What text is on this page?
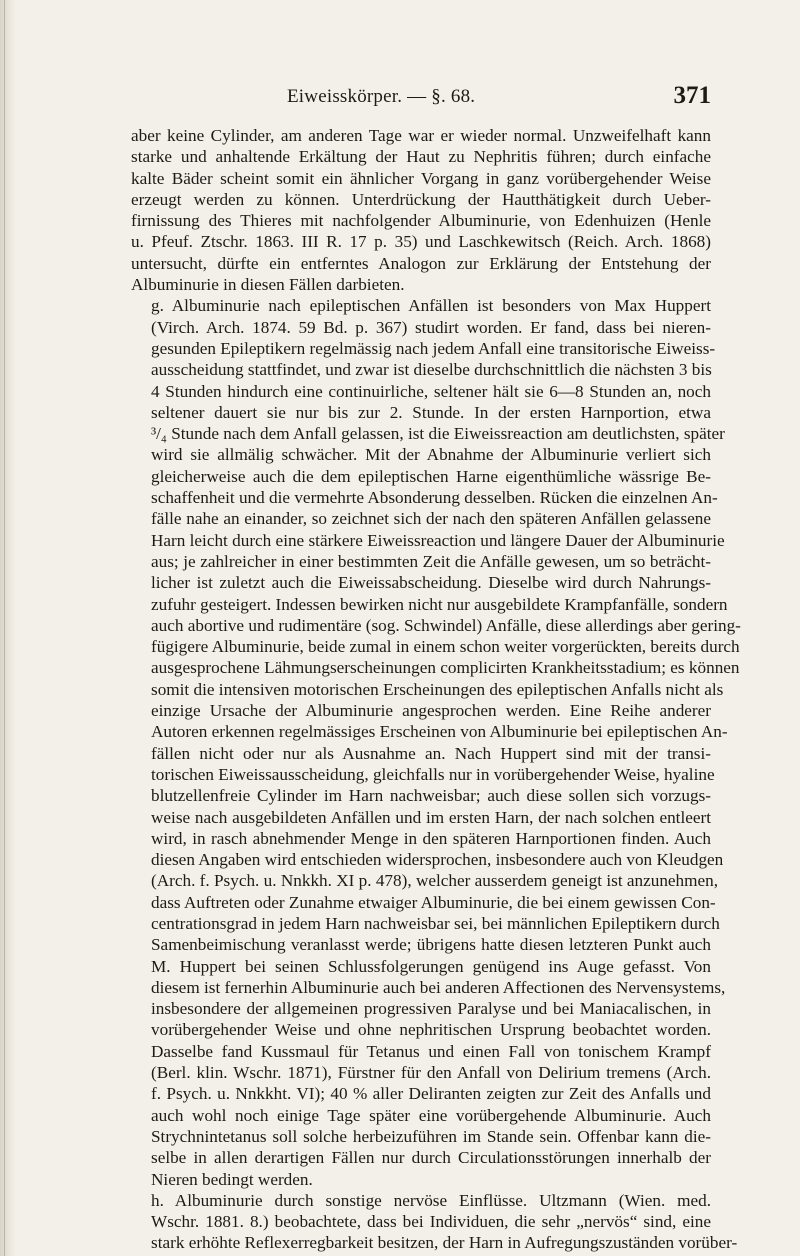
Eiweisskörper. — §. 68.	371
aber keine Cylinder, am anderen Tage war er wieder normal. Unzweifelhaft kann
starke und anhaltende Erkältung der Haut zu Nephritis führen; durch einfache
kalte Bäder scheint somit ein ähnlicher Vorgang in ganz vorübergehender Weise
erzeugt werden zu können. Unterdrückung der Hautthätigkeit durch Ueber-
firnissung des Thieres mit nachfolgender Albuminurie, von Edenhuizen (Henle
u. Pfeuf. Ztschr. 1863. III R. 17 p. 35) und Laschkewitsch (Reich. Arch. 1868)
untersucht, dürfte ein entferntes Analogon zur Erklärung der Entstehung der
Albuminurie in diesen Fällen darbieten.
g. Albuminurie nach epileptischen Anfällen ist besonders von Max Huppert
(Virch. Arch. 1874. 59 Bd. p. 367) studirt worden. Er fand, dass bei nieren-
gesunden Epileptikern regelmässig nach jedem Anfall eine transitorische Eiweiss-
ausscheidung stattfindet, und zwar ist dieselbe durchschnittlich die nächsten 3 bis
4 Stunden hindurch eine continuirliche, seltener hält sie 6—8 Stunden an, noch
seltener dauert sie nur bis zur 2. Stunde. In der ersten Harnportion, etwa
³/₄ Stunde nach dem Anfall gelassen, ist die Eiweissreaction am deutlichsten, später
wird sie allmälig schwächer. Mit der Abnahme der Albuminurie verliert sich
gleicherweise auch die dem epileptischen Harne eigenthümliche wässrige Be-
schaffenheit und die vermehrte Absonderung desselben. Rücken die einzelnen An-
fälle nahe an einander, so zeichnet sich der nach den späteren Anfällen gelassene
Harn leicht durch eine stärkere Eiweissreaction und längere Dauer der Albuminurie
aus; je zahlreicher in einer bestimmten Zeit die Anfälle gewesen, um so beträcht-
licher ist zuletzt auch die Eiweissabscheidung. Dieselbe wird durch Nahrungs-
zufuhr gesteigert. Indessen bewirken nicht nur ausgebildete Krampfanfälle, sondern
auch abortive und rudimentäre (sog. Schwindel) Anfälle, diese allerdings aber gering-
fügigere Albuminurie, beide zumal in einem schon weiter vorgerückten, bereits durch
ausgesprochene Lähmungserscheinungen complicirten Krankheitsstadium; es können
somit die intensiven motorischen Erscheinungen des epileptischen Anfalls nicht als
einzige Ursache der Albuminurie angesprochen werden. Eine Reihe anderer
Autoren erkennen regelmässiges Erscheinen von Albuminurie bei epileptischen An-
fällen nicht oder nur als Ausnahme an. Nach Huppert sind mit der transi-
torischen Eiweissausscheidung, gleichfalls nur in vorübergehender Weise, hyaline
blutzellenfreie Cylinder im Harn nachweisbar; auch diese sollen sich vorzugs-
weise nach ausgebildeten Anfällen und im ersten Harn, der nach solchen entleert
wird, in rasch abnehmender Menge in den späteren Harnportionen finden. Auch
diesen Angaben wird entschieden widersprochen, insbesondere auch von Kleudgen
(Arch. f. Psych. u. Nnkkh. XI p. 478), welcher ausserdem geneigt ist anzunehmen,
dass Auftreten oder Zunahme etwaiger Albuminurie, die bei einem gewissen Con-
centrationsgrad in jedem Harn nachweisbar sei, bei männlichen Epileptikern durch
Samenbeimischung veranlasst werde; übrigens hatte diesen letzteren Punkt auch
M. Huppert bei seinen Schlussfolgerungen genügend ins Auge gefasst. Von
diesem ist fernerhin Albuminurie auch bei anderen Affectionen des Nervensystems,
insbesondere der allgemeinen progressiven Paralyse und bei Maniacalischen, in
vorübergehender Weise und ohne nephritischen Ursprung beobachtet worden.
Dasselbe fand Kussmaul für Tetanus und einen Fall von tonischem Krampf
(Berl. klin. Wschr. 1871), Fürstner für den Anfall von Delirium tremens (Arch.
f. Psych. u. Nnkkht. VI); 40 % aller Deliranten zeigten zur Zeit des Anfalls und
auch wohl noch einige Tage später eine vorübergehende Albuminurie. Auch
Strychnintetanus soll solche herbeizuführen im Stande sein. Offenbar kann die-
selbe in allen derartigen Fällen nur durch Circulationsstörungen innerhalb der
Nieren bedingt werden.
h. Albuminurie durch sonstige nervöse Einflüsse. Ultzmann (Wien. med.
Wschr. 1881. 8.) beobachtete, dass bei Individuen, die sehr „nervös“ sind, eine
stark erhöhte Reflexerregbarkeit besitzen, der Harn in Aufregungszuständen vorüber-
